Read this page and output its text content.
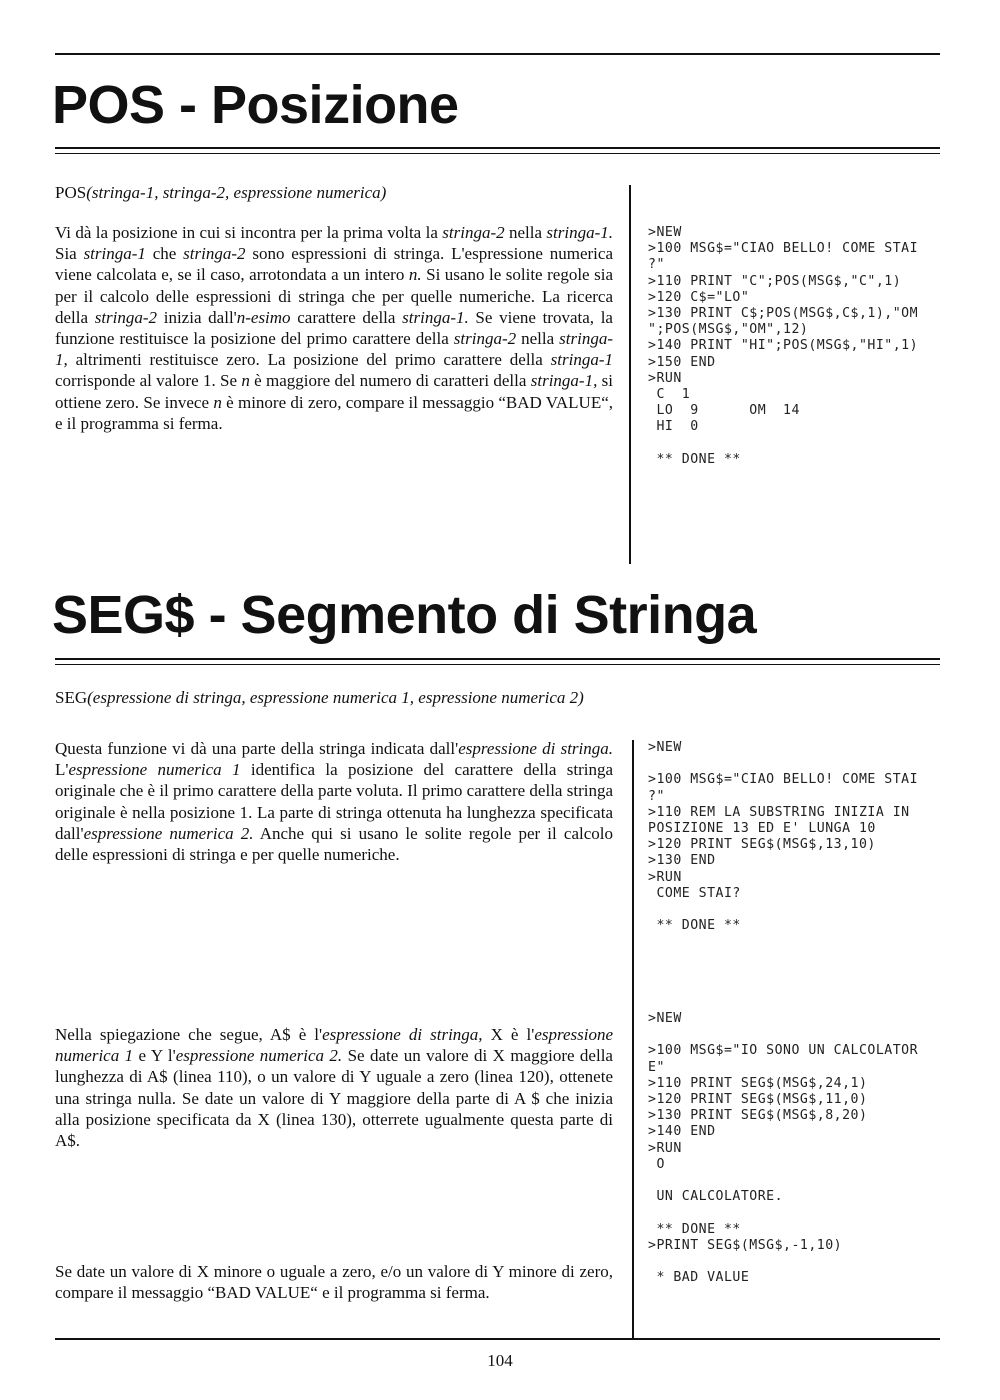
POS - Posizione
POS(stringa-1, stringa-2, espressione numerica)

Vi dà la posizione in cui si incontra per la prima volta la stringa-2 nella stringa-1. Sia stringa-1 che stringa-2 sono espressioni di stringa. L'espressione numerica viene calcolata e, se il caso, arrotondata a un intero n. Si usano le solite regole sia per il calcolo delle espressioni di stringa che per quelle numeriche. La ricerca della stringa-2 inizia dall'n-esimo carattere della stringa-1. Se viene trovata, la funzione restituisce la posizione del primo carattere della stringa-2 nella stringa-1, altrimenti restituisce zero. La posizione del primo carattere della stringa-1 corrisponde al valore 1. Se n è maggiore del numero di caratteri della stringa-1, si ottiene zero. Se invece n è minore di zero, compare il messaggio “BAD VALUE“, e il programma si ferma.

>NEW
>100 MSG$="CIAO BELLO! COME STAI
?"
>110 PRINT "C";POS(MSG$,"C",1)
>120 C$="LO"
>130 PRINT C$;POS(MSG$,C$,1),"OM
";POS(MSG$,"OM",12)
>140 PRINT "HI";POS(MSG$,"HI",1)
>150 END
>RUN
C  1
LO  9      OM  14
HI  0

** DONE **
SEG$ - Segmento di Stringa
SEG(espressione di stringa, espressione numerica 1, espressione numerica 2)

Questa funzione vi dà una parte della stringa indicata dall'espressione di stringa. L'espressione numerica 1 identifica la posizione del carattere della stringa originale che è il primo carattere della parte voluta. Il primo carattere della stringa originale è nella posizione 1. La parte di stringa ottenuta ha lunghezza specificata dall'espressione numerica 2. Anche qui si usano le solite regole per il calcolo delle espressioni di stringa e per quelle numeriche.

>NEW

>100 MSG$="CIAO BELLO! COME STAI
?"
>110 REM LA SUBSTRING INIZIA IN
POSIZIONE 13 ED E' LUNGA 10
>120 PRINT SEG$(MSG$,13,10)
>130 END
>RUN
COME STAI?

** DONE **

Nella spiegazione che segue, A$ è l'espressione di stringa, X è l'espressione numerica 1 e Y l'espressione numerica 2. Se date un valore di X maggiore della lunghezza di A$ (linea 110), o un valore di Y uguale a zero (linea 120), ottenete una stringa nulla. Se date un valore di Y maggiore della parte di A $ che inizia alla posizione specificata da X (linea 130), otterrete ugualmente questa parte di A$.

>NEW

>100 MSG$="IO SONO UN CALCOLATOR
E"
>110 PRINT SEG$(MSG$,24,1)
>120 PRINT SEG$(MSG$,11,0)
>130 PRINT SEG$(MSG$,8,20)
>140 END
>RUN
O

UN CALCOLATORE.

** DONE **
>PRINT SEG$(MSG$,-1,10)

* BAD VALUE

Se date un valore di X minore o uguale a zero, e/o un valore di Y minore di zero, compare il messaggio “BAD VALUE“ e il programma si ferma.

104
